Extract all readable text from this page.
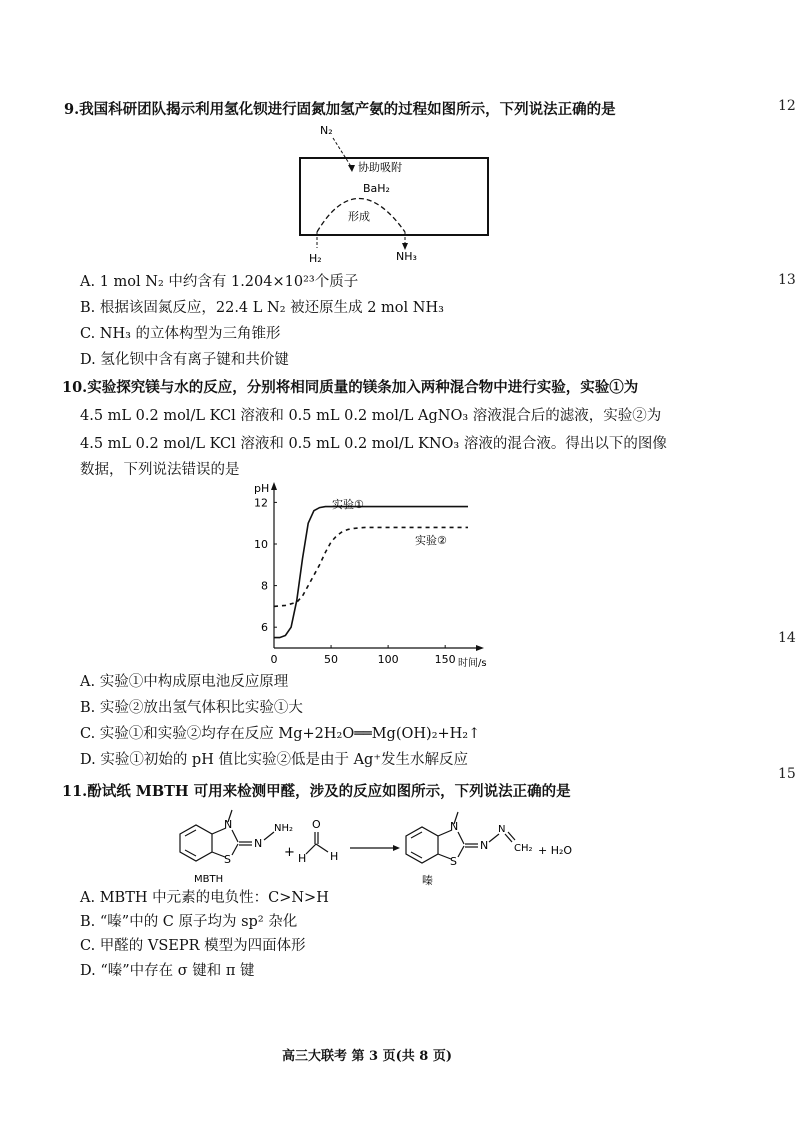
12
13
14
15
9.我国科研团队揭示利用氢化钡进行固氮加氢产氨的过程如图所示，下列说法正确的是
N₂
协助吸附
BaH₂
形成
H₂	NH₃
A. 1 mol N₂ 中约含有 1.204×10²³个质子
B. 根据该固氮反应，22.4 L N₂ 被还原生成 2 mol NH₃
C. NH₃ 的立体构型为三角锥形
D. 氢化钡中含有离子键和共价键
10.实验探究镁与水的反应，分别将相同质量的镁条加入两种混合物中进行实验，实验①为
4.5 mL 0.2 mol/L KCl 溶液和 0.5 mL 0.2 mol/L AgNO₃ 溶液混合后的滤液，实验②为
4.5 mL 0.2 mol/L KCl 溶液和 0.5 mL 0.2 mol/L KNO₃ 溶液的混合液。得出以下的图像
数据，下列说法错误的是
pH
时间/s
6
8
10
12
0	50	100	150
实验①
实验②
A. 实验①中构成原电池反应原理
B. 实验②放出氢气体积比实验①大
C. 实验①和实验②均存在反应 Mg+2H₂O══Mg(OH)₂+H₂↑
D. 实验①初始的 pH 值比实验②低是由于 Ag⁺发生水解反应
11.酚试纸 MBTH 可用来检测甲醛，涉及的反应如图所示，下列说法正确的是
N
S
N
NH₂
MBTH
+
O
H H
N
S
N
N
CH₂
嗪
+ H₂O
A. MBTH 中元素的电负性：C>N>H
B. “嗪”中的 C 原子均为 sp² 杂化
C. 甲醛的 VSEPR 模型为四面体形
D. “嗪”中存在 σ 键和 π 键
高三大联考 第 3 页(共 8 页)
